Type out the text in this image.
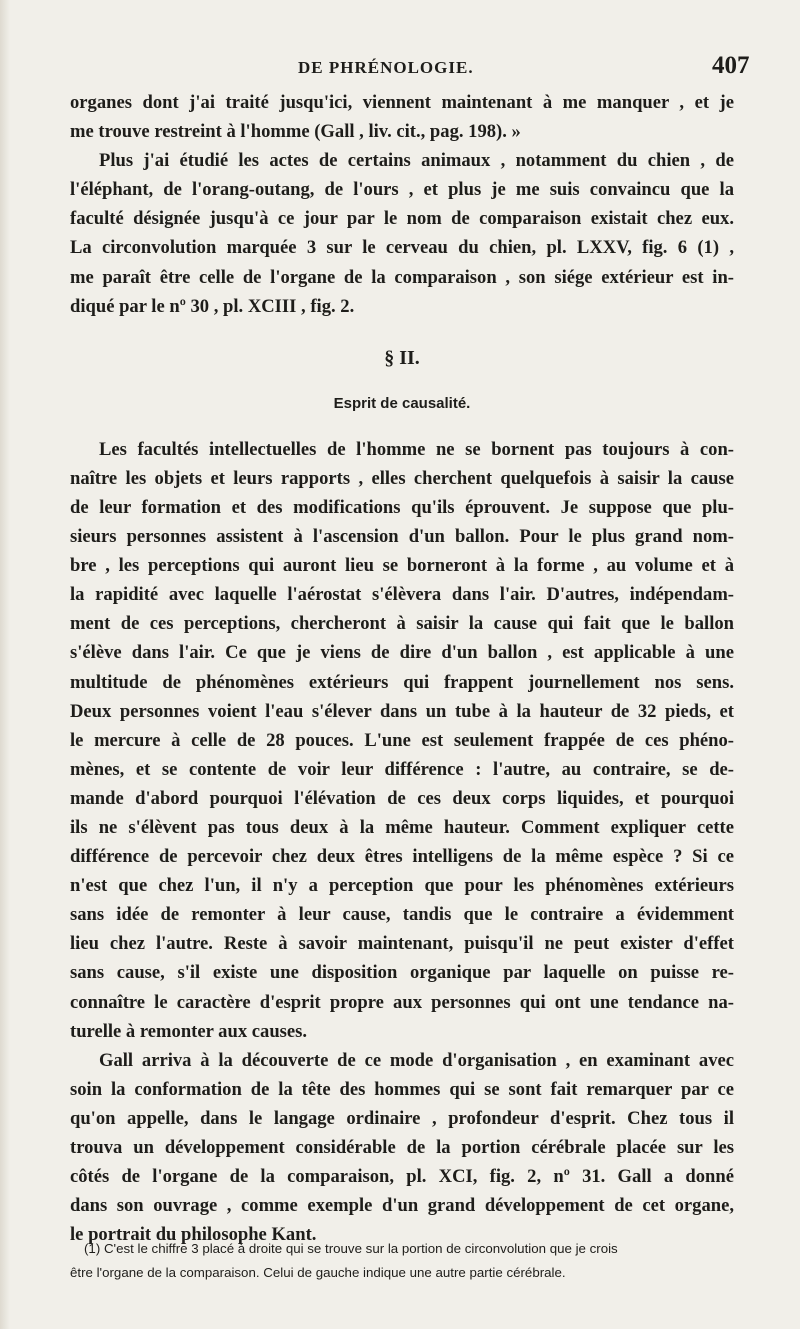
DE PHRÉNOLOGIE.	407
organes dont j'ai traité jusqu'ici, viennent maintenant à me manquer , et je
me trouve restreint à l'homme (Gall , liv. cit., pag. 198). »
Plus j'ai étudié les actes de certains animaux , notamment du chien , de
l'éléphant, de l'orang-outang, de l'ours , et plus je me suis convaincu que la
faculté désignée jusqu'à ce jour par le nom de comparaison existait chez eux.
La circonvolution marquée 3 sur le cerveau du chien, pl. LXXV, fig. 6 (1) ,
me paraît être celle de l'organe de la comparaison , son siége extérieur est in-
diqué par le nº 30 , pl. XCIII , fig. 2.
§ II.
Esprit de causalité.
Les facultés intellectuelles de l'homme ne se bornent pas toujours à con-
naître les objets et leurs rapports , elles cherchent quelquefois à saisir la cause
de leur formation et des modifications qu'ils éprouvent. Je suppose que plu-
sieurs personnes assistent à l'ascension d'un ballon. Pour le plus grand nom-
bre , les perceptions qui auront lieu se borneront à la forme , au volume et à
la rapidité avec laquelle l'aérostat s'élèvera dans l'air. D'autres, indépendam-
ment de ces perceptions, chercheront à saisir la cause qui fait que le ballon
s'élève dans l'air. Ce que je viens de dire d'un ballon , est applicable à une
multitude de phénomènes extérieurs qui frappent journellement nos sens.
Deux personnes voient l'eau s'élever dans un tube à la hauteur de 32 pieds, et
le mercure à celle de 28 pouces. L'une est seulement frappée de ces phéno-
mènes, et se contente de voir leur différence : l'autre, au contraire, se de-
mande d'abord pourquoi l'élévation de ces deux corps liquides, et pourquoi
ils ne s'élèvent pas tous deux à la même hauteur. Comment expliquer cette
différence de percevoir chez deux êtres intelligens de la même espèce ? Si ce
n'est que chez l'un, il n'y a perception que pour les phénomènes extérieurs
sans idée de remonter à leur cause, tandis que le contraire a évidemment
lieu chez l'autre. Reste à savoir maintenant, puisqu'il ne peut exister d'effet
sans cause, s'il existe une disposition organique par laquelle on puisse re-
connaître le caractère d'esprit propre aux personnes qui ont une tendance na-
turelle à remonter aux causes.
Gall arriva à la découverte de ce mode d'organisation , en examinant avec
soin la conformation de la tête des hommes qui se sont fait remarquer par ce
qu'on appelle, dans le langage ordinaire , profondeur d'esprit. Chez tous il
trouva un développement considérable de la portion cérébrale placée sur les
côtés de l'organe de la comparaison, pl. XCI, fig. 2, nº 31. Gall a donné
dans son ouvrage , comme exemple d'un grand développement de cet organe,
le portrait du philosophe Kant.
(1) C'est le chiffre 3 placé à droite qui se trouve sur la portion de circonvolution que je crois
être l'organe de la comparaison. Celui de gauche indique une autre partie cérébrale.
